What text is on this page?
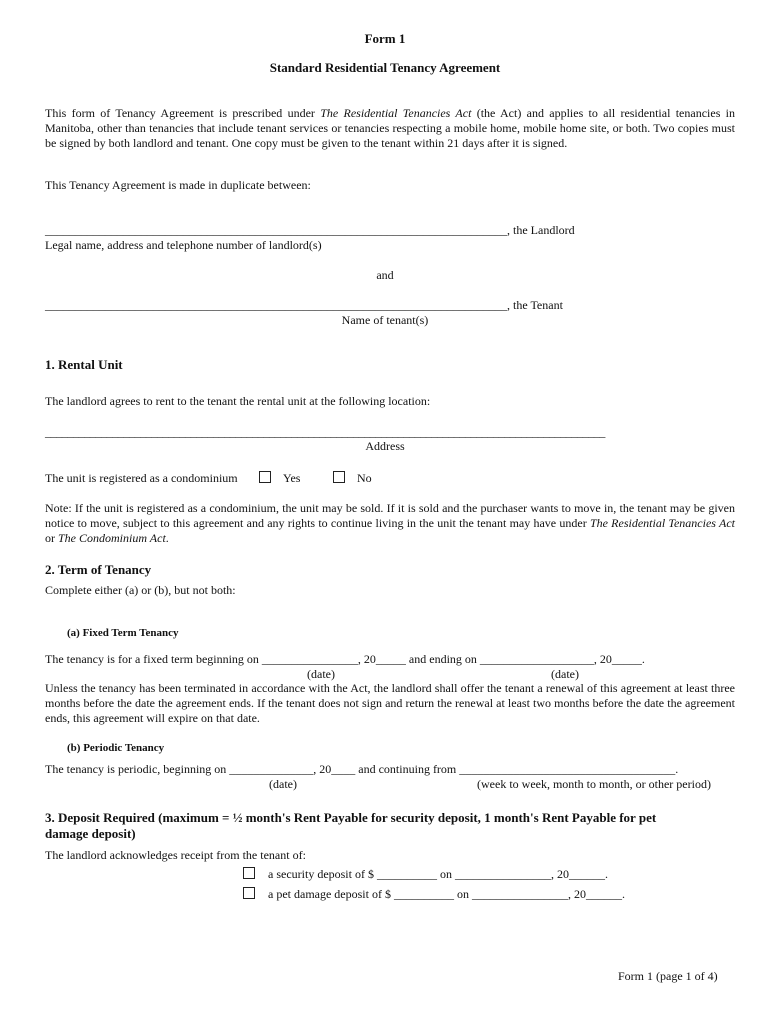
Form 1
Standard Residential Tenancy Agreement
This form of Tenancy Agreement is prescribed under The Residential Tenancies Act (the Act) and applies to all residential tenancies in Manitoba, other than tenancies that include tenant services or tenancies respecting a mobile home, mobile home site, or both. Two copies must be signed by both landlord and tenant. One copy must be given to the tenant within 21 days after it is signed.
This Tenancy Agreement is made in duplicate between:
_____________________________________________________________________________, the Landlord
Legal name, address and telephone number of landlord(s)
and
_____________________________________________________________________________, the Tenant
Name of tenant(s)
1. Rental Unit
The landlord agrees to rent to the tenant the rental unit at the following location:
____________________________________________________________________________________________________
Address
The unit is registered as a condominium	Yes	No
Note: If the unit is registered as a condominium, the unit may be sold. If it is sold and the purchaser wants to move in, the tenant may be given notice to move, subject to this agreement and any rights to continue living in the unit the tenant may have under The Residential Tenancies Act or The Condominium Act.
2. Term of Tenancy
Complete either (a) or (b), but not both:
(a) Fixed Term Tenancy
The tenancy is for a fixed term beginning on ________________, 20_____ and ending on ___________________, 20_____.
(date)	(date)
Unless the tenancy has been terminated in accordance with the Act, the landlord shall offer the tenant a renewal of this agreement at least three months before the date the agreement ends. If the tenant does not sign and return the renewal at least two months before the date the agreement ends, this agreement will expire on that date.
(b) Periodic Tenancy
The tenancy is periodic, beginning on ______________, 20____ and continuing from ____________________________________.
(date)	(week to week, month to month, or other period)
3. Deposit Required (maximum = ½ month's Rent Payable for security deposit, 1 month's Rent Payable for pet
damage deposit)
The landlord acknowledges receipt from the tenant of:
a security deposit of $ __________ on ________________, 20______.
a pet damage deposit of $ __________ on ________________, 20______.
Form 1 (page 1 of 4)
